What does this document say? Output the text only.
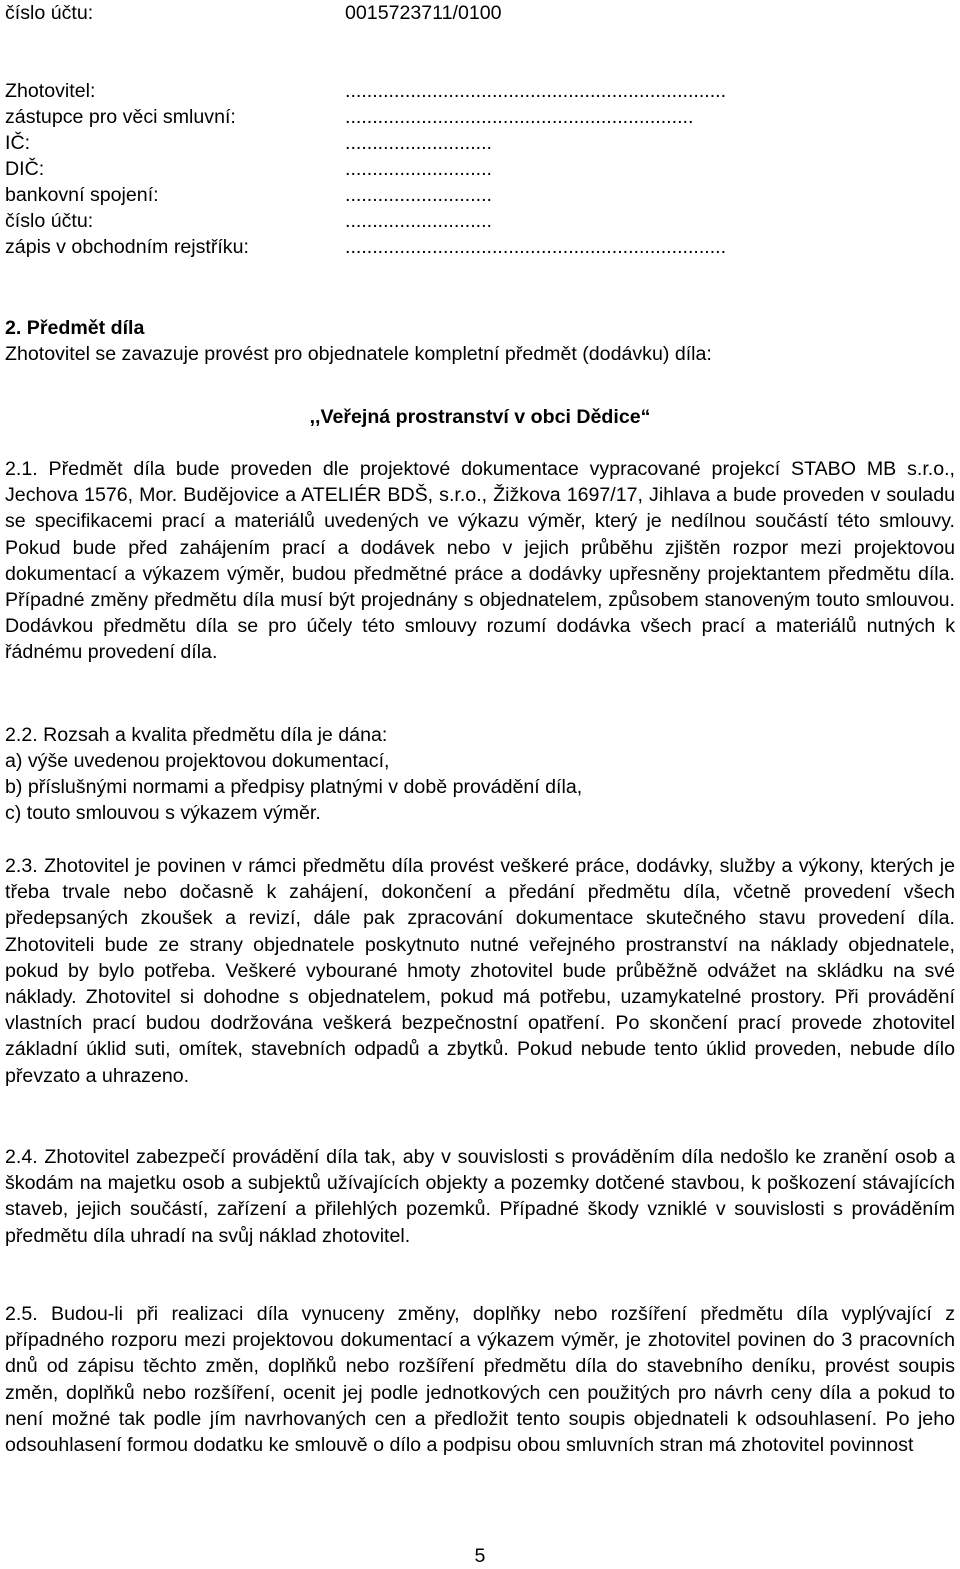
číslo účtu:	0015723711/0100
Zhotovitel:	......................................................................
zástupce pro věci smluvní:	................................................................
IČ:	...........................
DIČ:	...........................
bankovní spojení:	...........................
číslo účtu:	...........................
zápis v obchodním rejstříku:	......................................................................
2. Předmět díla
Zhotovitel se zavazuje provést pro objednatele kompletní předmět (dodávku) díla:
,,Veřejná prostranství v obci Dědice“
2.1. Předmět díla bude proveden dle projektové dokumentace vypracované projekcí STABO MB s.r.o., Jechova 1576, Mor. Budějovice a ATELIÉR BDŠ, s.r.o., Žižkova 1697/17, Jihlava a bude proveden v souladu se specifikacemi prací a materiálů uvedených ve výkazu výměr, který je nedílnou součástí této smlouvy. Pokud bude před zahájením prací a dodávek nebo v jejich průběhu zjištěn rozpor mezi projektovou dokumentací a výkazem výměr, budou předmětné práce a dodávky upřesněny projektantem předmětu díla. Případné změny předmětu díla musí být projednány s objednatelem, způsobem stanoveným touto smlouvou. Dodávkou předmětu díla se pro účely této smlouvy rozumí dodávka všech prací a materiálů nutných k řádnému provedení díla.
2.2. Rozsah a kvalita předmětu díla je dána:
a) výše uvedenou projektovou dokumentací,
b) příslušnými normami a předpisy platnými v době provádění díla,
c) touto smlouvou s výkazem výměr.
2.3. Zhotovitel je povinen v rámci předmětu díla provést veškeré práce, dodávky, služby a výkony, kterých je třeba trvale nebo dočasně k zahájení, dokončení a předání předmětu díla, včetně provedení všech předepsaných zkoušek a revizí, dále pak zpracování dokumentace skutečného stavu provedení díla. Zhotoviteli bude ze strany objednatele poskytnuto nutné veřejného prostranství na náklady objednatele, pokud by bylo potřeba. Veškeré vybourané hmoty zhotovitel bude průběžně odvážet na skládku na své náklady. Zhotovitel si dohodne s objednatelem, pokud má potřebu, uzamykatelné prostory. Při provádění vlastních prací budou dodržována veškerá bezpečnostní opatření. Po skončení prací provede zhotovitel základní úklid suti, omítek, stavebních odpadů a zbytků. Pokud nebude tento úklid proveden, nebude dílo převzato a uhrazeno.
2.4. Zhotovitel zabezpečí provádění díla tak, aby v souvislosti s prováděním díla nedošlo ke zranění osob a škodám na majetku osob a subjektů užívajících objekty a pozemky dotčené stavbou, k poškození stávajících staveb, jejich součástí, zařízení a přilehlých pozemků. Případné škody vzniklé v souvislosti s prováděním předmětu díla uhradí na svůj náklad zhotovitel.
2.5. Budou-li při realizaci díla vynuceny změny, doplňky nebo rozšíření předmětu díla vyplývající z případného rozporu mezi projektovou dokumentací a výkazem výměr, je zhotovitel povinen do 3 pracovních dnů od zápisu těchto změn, doplňků nebo rozšíření předmětu díla do stavebního deníku, provést soupis změn, doplňků nebo rozšíření, ocenit jej podle jednotkových cen použitých pro návrh ceny díla a pokud to není možné tak podle jím navrhovaných cen a předložit tento soupis objednateli k odsouhlasení. Po jeho odsouhlasení formou dodatku ke smlouvě o dílo a podpisu obou smluvních stran má zhotovitel povinnost
5
